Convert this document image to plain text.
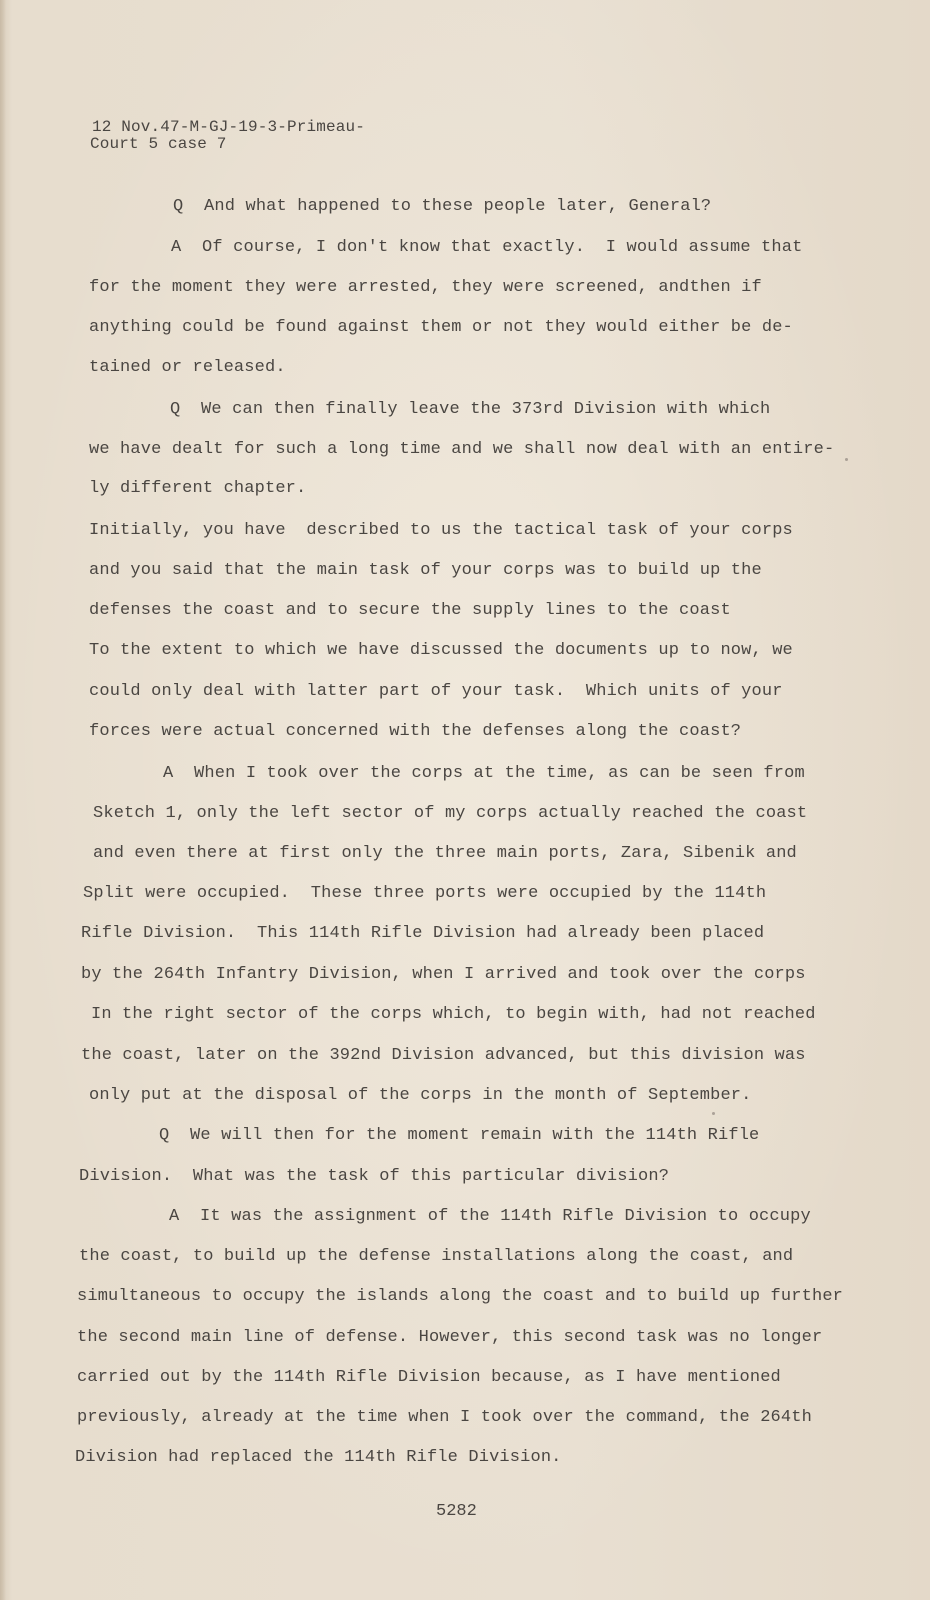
12 Nov.47-M-GJ-19-3-Primeau-
Court 5 case 7
Q  And what happened to these people later, General?
A  Of course, I don't know that exactly.  I would assume that
for the moment they were arrested, they were screened, andthen if
anything could be found against them or not they would either be de-
tained or released.
Q  We can then finally leave the 373rd Division with which
we have dealt for such a long time and we shall now deal with an entire-
ly different chapter.
Initially, you have  described to us the tactical task of your corps
and you said that the main task of your corps was to build up the
defenses the coast and to secure the supply lines to the coast
To the extent to which we have discussed the documents up to now, we
could only deal with latter part of your task.  Which units of your
forces were actual concerned with the defenses along the coast?
A  When I took over the corps at the time, as can be seen from
Sketch 1, only the left sector of my corps actually reached the coast
and even there at first only the three main ports, Zara, Sibenik and
Split were occupied.  These three ports were occupied by the 114th
Rifle Division.  This 114th Rifle Division had already been placed
by the 264th Infantry Division, when I arrived and took over the corps
In the right sector of the corps which, to begin with, had not reached
the coast, later on the 392nd Division advanced, but this division was
only put at the disposal of the corps in the month of September.
Q  We will then for the moment remain with the 114th Rifle
Division.  What was the task of this particular division?
A  It was the assignment of the 114th Rifle Division to occupy
the coast, to build up the defense installations along the coast, and
simultaneous to occupy the islands along the coast and to build up further
the second main line of defense. However, this second task was no longer
carried out by the 114th Rifle Division because, as I have mentioned
previously, already at the time when I took over the command, the 264th
Division had replaced the 114th Rifle Division.
5282
